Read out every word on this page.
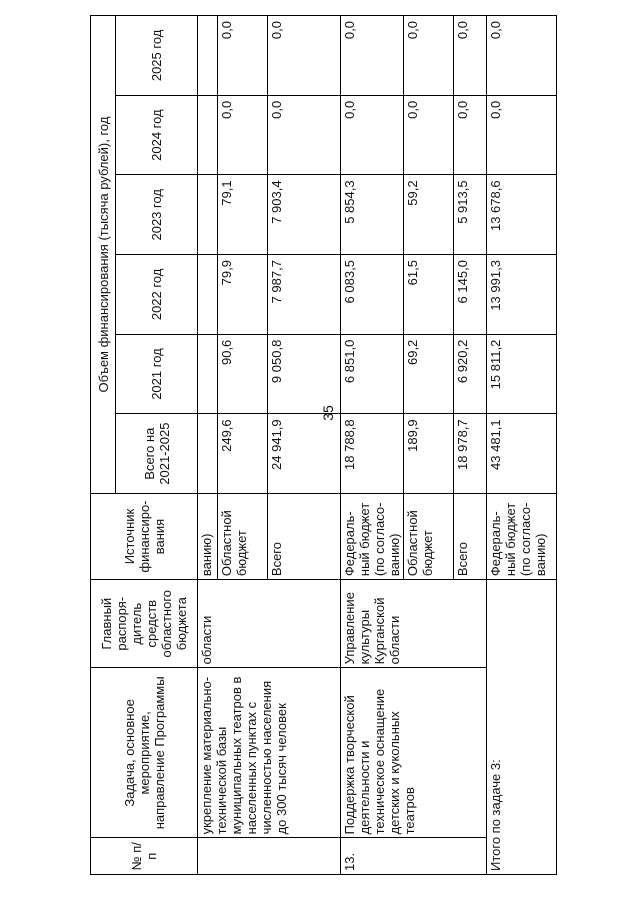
35
№ п/п	Задача, основное мероприятие, направление Программы	Главный распоря-дитель средств областного бюджета	Источник финансиро-вания	Объем финансирования (тысяча рублей), год					
				Всего на 2021-2025	2021 год	2022 год	2023 год	2024 год	2025 год
	укрепление материально-технической базы муниципальных театров в населенных пунктах с численностью населения до 300 тысяч человек	области	ванию)						
			Областной бюджет	249,6	90,6	79,9	79,1	0,0	0,0
			Всего	24 941,9	9 050,8	7 987,7	7 903,4	0,0	0,0
13.	Поддержка творческой деятельности и техническое оснащение детских и кукольных театров	Управление культуры Курганской области	Федераль-ный бюджет (по согласо-ванию)	18 788,8	6 851,0	6 083,5	5 854,3	0,0	0,0
			Областной бюджет	189,9	69,2	61,5	59,2	0,0	0,0
			Всего	18 978,7	6 920,2	6 145,0	5 913,5	0,0	0,0
Итого по задаче 3:			Федераль-ный бюджет (по согласо-ванию)	43 481,1	15 811,2	13 991,3	13 678,6	0,0	0,0
